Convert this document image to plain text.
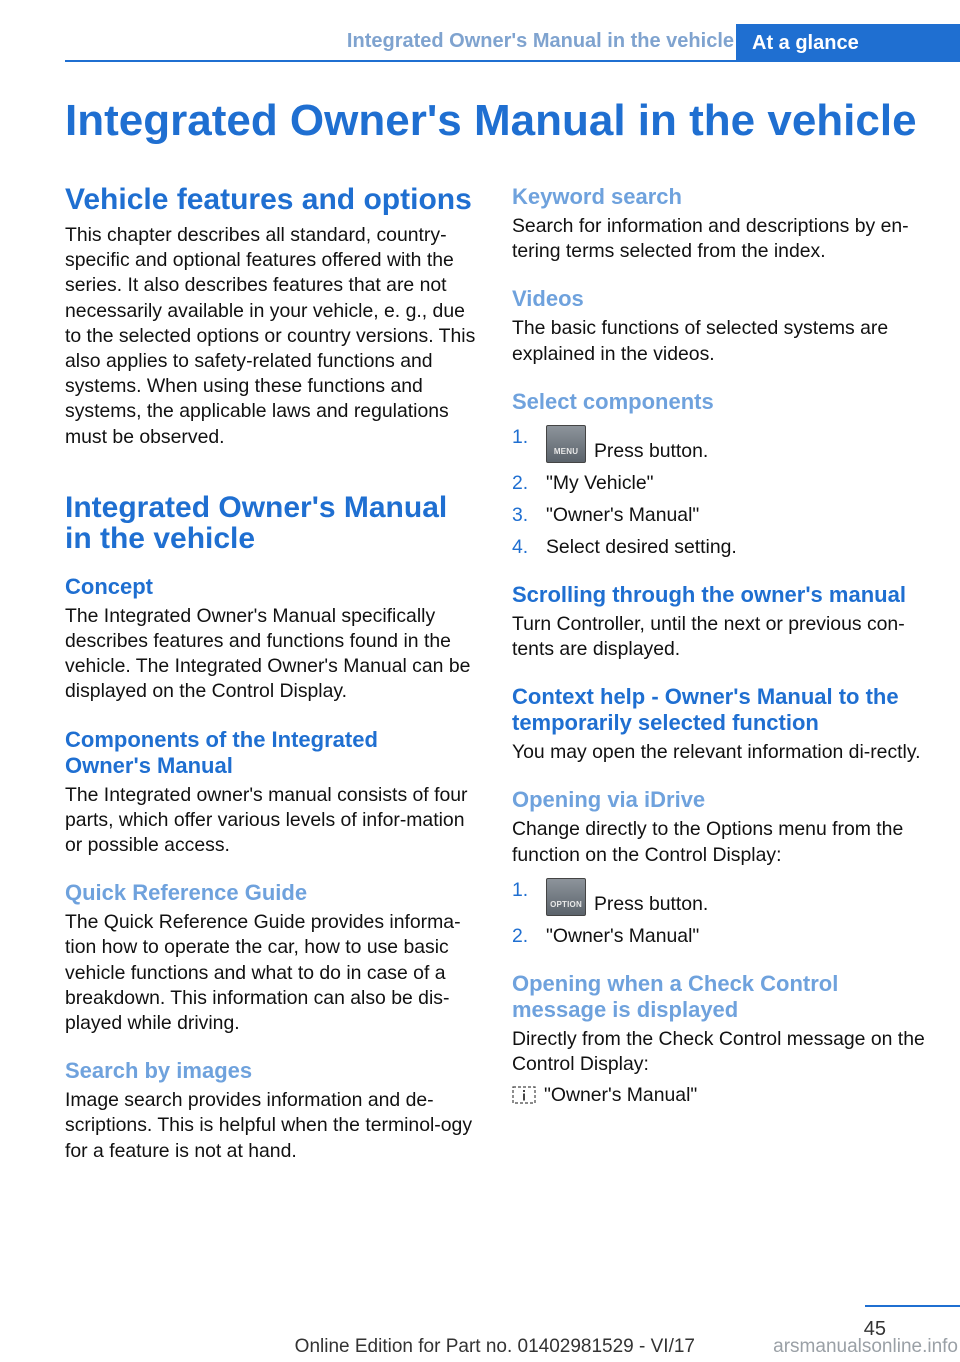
Integrated Owner's Manual in the vehicle At a glance
Integrated Owner's Manual in the vehicle
Vehicle features and options

This chapter describes all standard, country-specific and optional features offered with the series. It also describes features that are not necessarily available in your vehicle, e. g., due to the selected options or country versions. This also applies to safety-related functions and systems. When using these functions and systems, the applicable laws and regulations must be observed.

Integrated Owner's Manual in the vehicle
Concept

The Integrated Owner's Manual specifically describes features and functions found in the vehicle. The Integrated Owner's Manual can be displayed on the Control Display.

Components of the Integrated Owner's Manual

The Integrated owner's manual consists of four parts, which offer various levels of infor-mation or possible access.

Quick Reference Guide

The Quick Reference Guide provides informa-tion how to operate the car, how to use basic vehicle functions and what to do in case of a breakdown. This information can also be dis-played while driving.

Search by images

Image search provides information and de-scriptions. This is helpful when the terminol-ogy for a feature is not at hand.

Keyword search

Search for information and descriptions by en-tering terms selected from the index.

Videos

The basic functions of selected systems are explained in the videos.

Select components
1.
MENU Press button.
2. "My Vehicle"
3. "Owner's Manual"
4. Select desired setting.
Scrolling through the owner's manual

Turn Controller, until the next or previous con-tents are displayed.

Context help - Owner's Manual to the temporarily selected function

You may open the relevant information di-rectly.

Opening via iDrive

Change directly to the Options menu from the function on the Control Display:

1.
OPTION Press button.
2. "Owner's Manual"
Opening when a Check Control message is displayed

Directly from the Check Control message on the Control Display:

"Owner's Manual"
45
Online Edition for Part no. 01402981529 - VI/17	arsmanualsonline.info
